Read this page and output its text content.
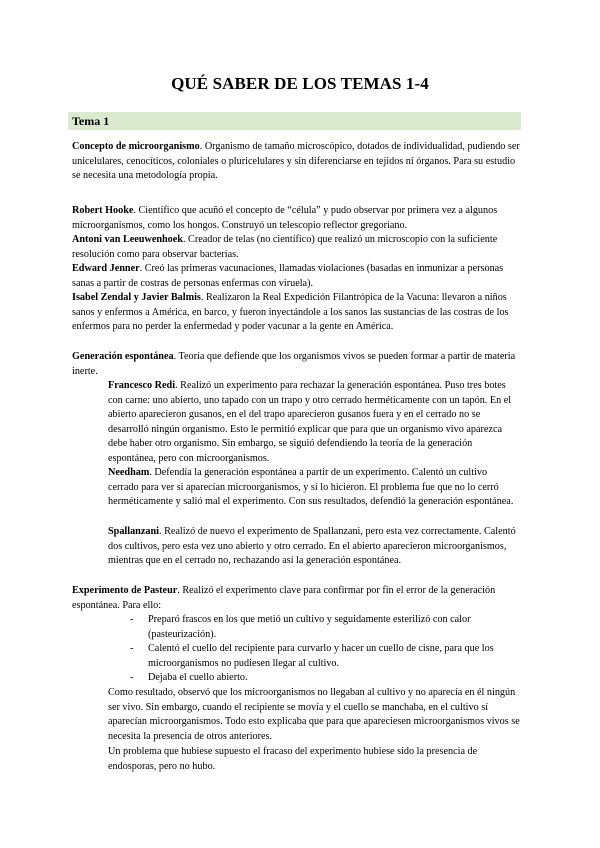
QUÉ SABER DE LOS TEMAS 1-4
Tema 1

Concepto de microorganismo. Organismo de tamaño microscópico, dotados de individualidad, pudiendo ser unicelulares, cenocíticos, coloniales o pluricelulares y sin diferenciarse en tejidos ni órganos. Para su estudio se necesita una metodología propia.

Robert Hooke. Científico que acuñó el concepto de “célula” y pudo observar por primera vez a algunos microorganismos, como los hongos. Construyó un telescopio reflector gregoriano.

Antoni van Leeuwenhoek. Creador de telas (no científico) que realizó un microscopio con la suficiente resolución como para observar bacterias.

Edward Jenner. Creó las primeras vacunaciones, llamadas violaciones (basadas en inmunizar a personas sanas a partir de costras de personas enfermas con viruela).

Isabel Zendal y Javier Balmis. Realizaron la Real Expedición Filantrópica de la Vacuna: llevaron a niños sanos y enfermos a América, en barco, y fueron inyectándole a los sanos las sustancias de las costras de los enfermos para no perder la enfermedad y poder vacunar a la gente en América.

Generación espontánea. Teoría que defiende que los organismos vivos se pueden formar a partir de materia inerte.

Francesco Redi. Realizó un experimento para rechazar la generación espontánea. Puso tres botes con carne: uno abierto, uno tapado con un trapo y otro cerrado herméticamente con un tapón. En el abierto aparecieron gusanos, en el del trapo aparecieron gusanos fuera y en el cerrado no se desarrolló ningún organismo. Esto le permitió explicar que para que un organismo vivo aparezca debe haber otro organismo. Sin embargo, se siguió defendiendo la teoría de la generación espontánea, pero con microorganismos.

Needham. Defendía la generación espontánea a partir de un experimento. Calentó un cultivo cerrado para ver si aparecían microorganismos, y sí lo hicieron. El problema fue que no lo cerró herméticamente y salió mal el experimento. Con sus resultados, defendió la generación espontánea.

Spallanzani. Realizó de nuevo el experimento de Spallanzani, pero esta vez correctamente. Calentó dos cultivos, pero esta vez uno abierto y otro cerrado. En el abierto aparecieron microorganismos, mientras que en el cerrado no, rechazando así la generación espontánea.

Experimento de Pasteur. Realizó el experimento clave para confirmar por fin el error de la generación espontánea. Para ello:

- Preparó frascos en los que metió un cultivo y seguidamente esterilizó con calor (pasteurización).
- Calentó el cuello del recipiente para curvarlo y hacer un cuello de cisne, para que los microorganismos no pudiesen llegar al cultivo.
- Dejaba el cuello abierto.

Como resultado, observó que los microorganismos no llegaban al cultivo y no aparecía en él ningún ser vivo. Sin embargo, cuando el recipiente se movía y el cuello se manchaba, en el cultivo sí aparecían microorganismos. Todo esto explicaba que para que apareciesen microorganismos vivos se necesita la presencia de otros anteriores.

Un problema que hubiese supuesto el fracaso del experimento hubiese sido la presencia de endosporas, pero no hubo.
